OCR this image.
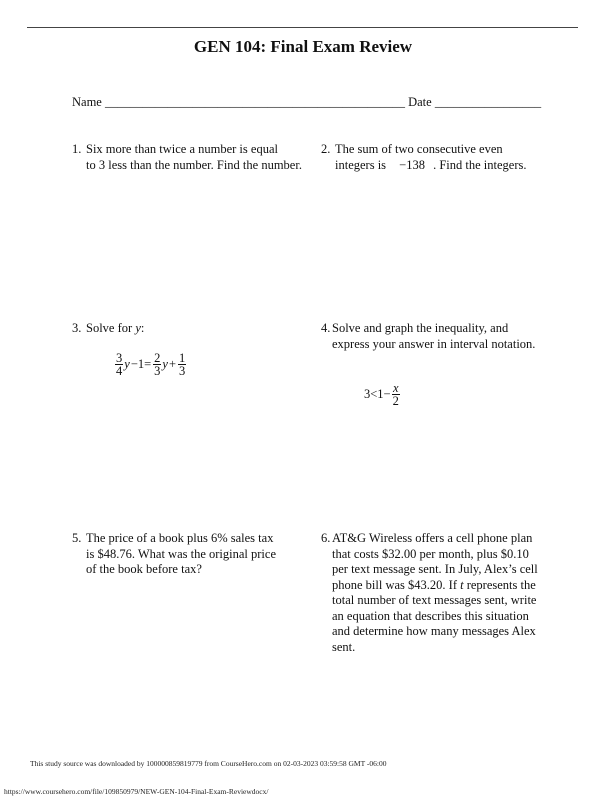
GEN 104: Final Exam Review
Name ________________________________________________ Date _________________
1. Six more than twice a number is equal
to 3 less than the number. Find the number.
2. The sum of two consecutive even
integers is −138 . Find the integers.
3. Solve for y:
$\frac{3}{4}$ $y -1= \frac{2}{3}$ $y + \frac{1}{3}$
4. Solve and graph the inequality, and
express your answer in interval notation.
$3<1- \frac{x}{2}$
5. The price of a book plus 6% sales tax
is $48.76. What was the original price
of the book before tax?
6. AT&G Wireless offers a cell phone plan
that costs $32.00 per month, plus $0.10
per text message sent. In July, Alex’s cell
phone bill was $43.20. If t represents the
total number of text messages sent, write
an equation that describes this situation
and determine how many messages Alex
sent.
This study source was downloaded by 100000859819779 from CourseHero.com on 02-03-2023 03:59:58 GMT -06:00
https://www.coursehero.com/file/109850979/NEW-GEN-104-Final-Exam-Reviewdocx/
